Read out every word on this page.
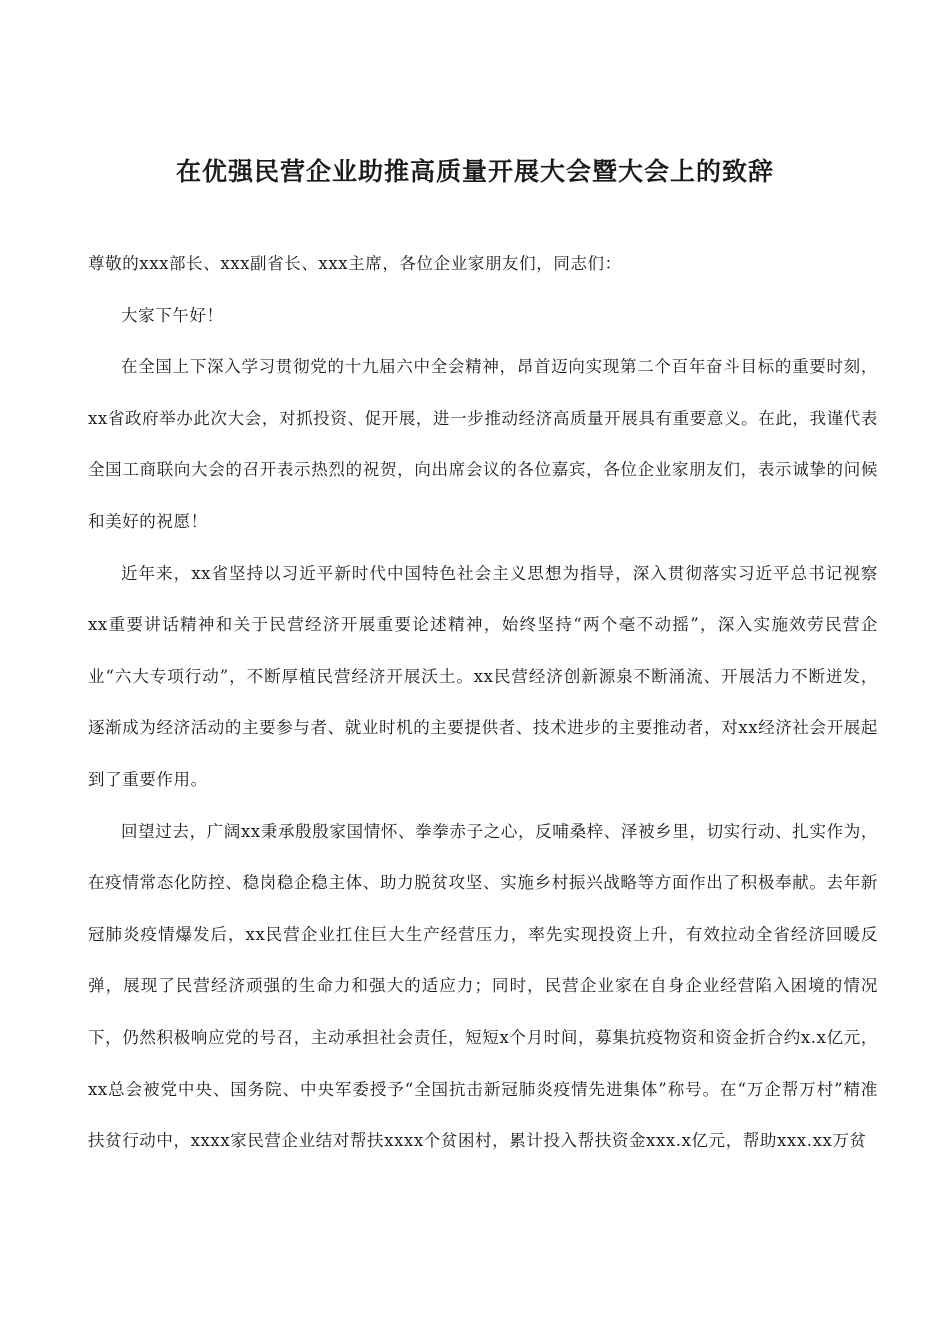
在优强民营企业助推高质量开展大会暨大会上的致辞

尊敬的xxx部长、xxx副省长、xxx主席，各位企业家朋友们，同志们：

大家下午好！

在全国上下深入学习贯彻党的十九届六中全会精神，昂首迈向实现第二个百年奋斗目标的重要时刻，xx省政府举办此次大会，对抓投资、促开展，进一步推动经济高质量开展具有重要意义。在此，我谨代表全国工商联向大会的召开表示热烈的祝贺，向出席会议的各位嘉宾，各位企业家朋友们，表示诚挚的问候和美好的祝愿！

近年来，xx省坚持以习近平新时代中国特色社会主义思想为指导，深入贯彻落实习近平总书记视察xx重要讲话精神和关于民营经济开展重要论述精神，始终坚持“两个毫不动摇”，深入实施效劳民营企业“六大专项行动”，不断厚植民营经济开展沃土。xx民营经济创新源泉不断涌流、开展活力不断迸发，逐渐成为经济活动的主要参与者、就业时机的主要提供者、技术进步的主要推动者，对xx经济社会开展起到了重要作用。

回望过去，广阔xx秉承殷殷家国情怀、拳拳赤子之心，反哺桑梓、泽被乡里，切实行动、扎实作为，在疫情常态化防控、稳岗稳企稳主体、助力脱贫攻坚、实施乡村振兴战略等方面作出了积极奉献。去年新冠肺炎疫情爆发后，xx民营企业扛住巨大生产经营压力，率先实现投资上升，有效拉动全省经济回暖反弹，展现了民营经济顽强的生命力和强大的适应力；同时，民营企业家在自身企业经营陷入困境的情况下，仍然积极响应党的号召，主动承担社会责任，短短x个月时间，募集抗疫物资和资金折合约x.x亿元，xx总会被党中央、国务院、中央军委授予“全国抗击新冠肺炎疫情先进集体”称号。在“万企帮万村”精准扶贫行动中，xxxx家民营企业结对帮扶xxxx个贫困村，累计投入帮扶资金xxx.x亿元，帮助xxx.xx万贫
